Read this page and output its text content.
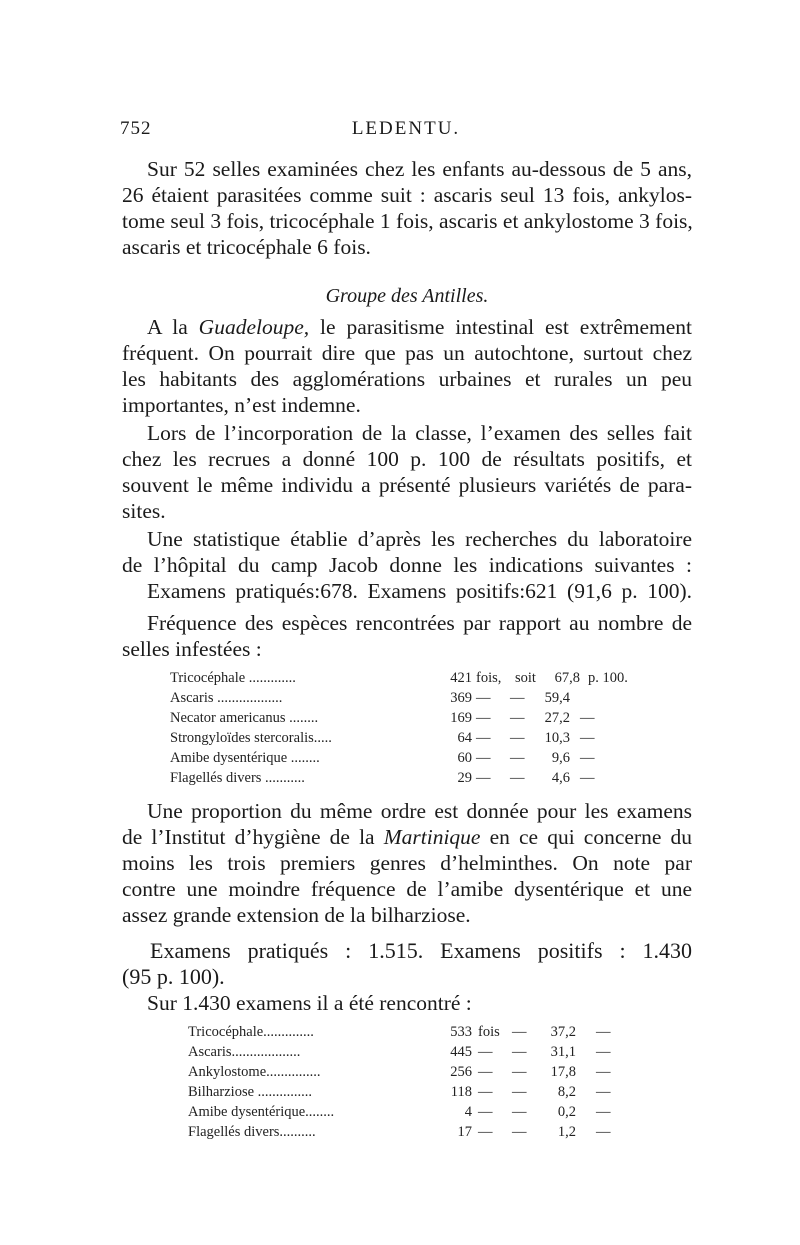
752	LEDENTU.
Sur 52 selles examinées chez les enfants au-dessous de 5 ans,
26 étaient parasitées comme suit : ascaris seul 13 fois, ankylos-
tome seul 3 fois, tricocéphale 1 fois, ascaris et ankylostome 3 fois,
ascaris et tricocéphale 6 fois.
Groupe des Antilles.
A la Guadeloupe, le parasitisme intestinal est extrêmement
fréquent. On pourrait dire que pas un autochtone, surtout chez
les habitants des agglomérations urbaines et rurales un peu
importantes, n’est indemne.
Lors de l’incorporation de la classe, l’examen des selles fait
chez les recrues a donné 100 p. 100 de résultats positifs, et
souvent le même individu a présenté plusieurs variétés de para-
sites.
Une statistique établie d’après les recherches du laboratoire
de l’hôpital du camp Jacob donne les indications suivantes :
Examens pratiqués:678. Examens positifs:621 (91,6 p. 100).
Fréquence des espèces rencontrées par rapport au nombre de
selles infestées :
Tricocéphale .............	421 fois, soit	67,8 p. 100.
Ascaris ..................	369 — —	59,4
Necator americanus ........	169 — —	27,2 —
Strongyloïdes stercoralis.....	64 — —	10,3 —
Amibe dysentérique ........	60 — —	9,6 —
Flagellés divers ...........	29 — —	4,6 —
Une proportion du même ordre est donnée pour les examens
de l’Institut d’hygiène de la Martinique en ce qui concerne du
moins les trois premiers genres d’helminthes. On note par
contre une moindre fréquence de l’amibe dysentérique et une
assez grande extension de la bilharziose.
Examens pratiqués : 1.515. Examens positifs : 1.430
(95 p. 100).
Sur 1.430 examens il a été rencontré :
Tricocéphale..............	533 fois —	37,2 —
Ascaris...................	445 — —	31,1 —
Ankylostome...............	256 — —	17,8 —
Bilharziose ...............	118 — —	8,2 —
Amibe dysentérique........	4 — —	0,2 —
Flagellés divers..........	17 — —	1,2 —
